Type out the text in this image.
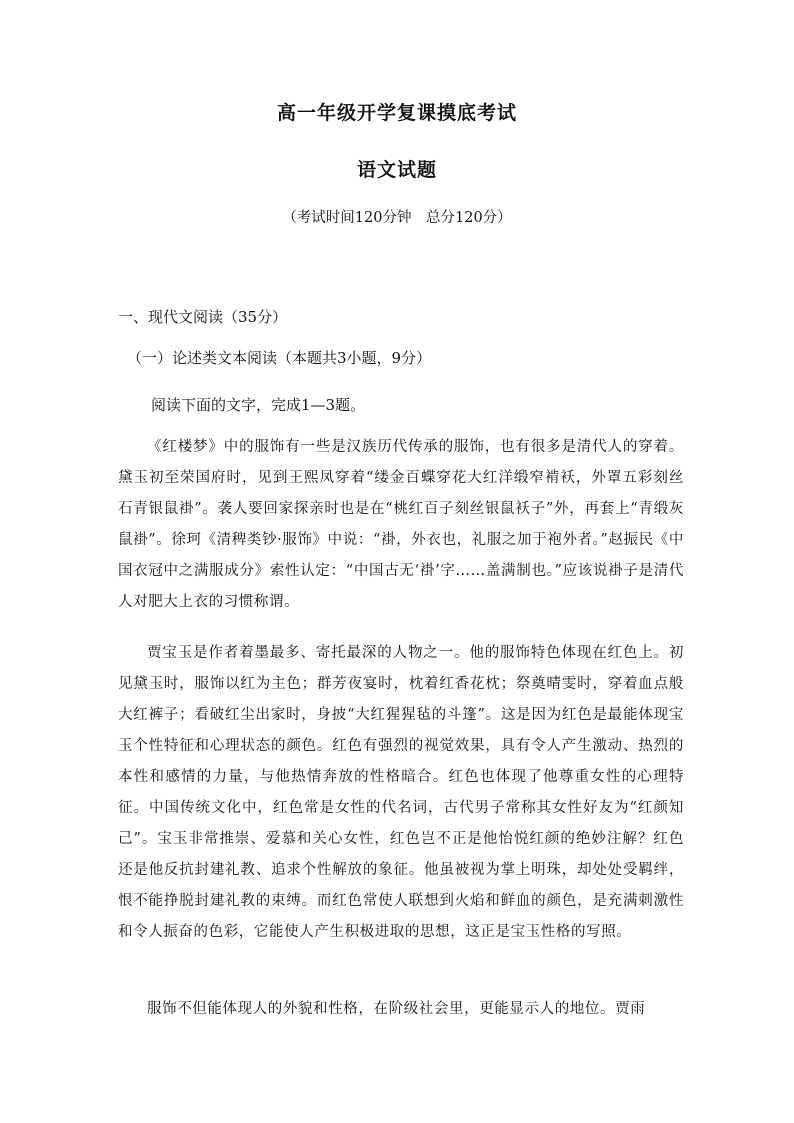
高一年级开学复课摸底考试
语文试题
（考试时间120分钟　总分120分）
一、现代文阅读（35分）
（一）论述类文本阅读（本题共3小题，9分）
阅读下面的文字，完成1—3题。

《红楼梦》中的服饰有一些是汉族历代传承的服饰，也有很多是清代人的穿着。黛玉初至荣国府时，见到王熙凤穿着“缕金百蝶穿花大红洋缎窄褃袄，外罩五彩刻丝石青银鼠褂”。袭人要回家探亲时也是在“桃红百子刻丝银鼠袄子”外，再套上“青缎灰鼠褂”。徐珂《清稗类钞·服饰》中说：“褂，外衣也，礼服之加于袍外者。”赵振民《中国衣冠中之满服成分》索性认定：“中国古无‘褂’字……盖满制也。”应该说褂子是清代人对肥大上衣的习惯称谓。

贾宝玉是作者着墨最多、寄托最深的人物之一。他的服饰特色体现在红色上。初见黛玉时，服饰以红为主色；群芳夜宴时，枕着红香花枕；祭奠晴雯时，穿着血点般大红裤子；看破红尘出家时，身披“大红猩猩毡的斗篷”。这是因为红色是最能体现宝玉个性特征和心理状态的颜色。红色有强烈的视觉效果，具有令人产生激动、热烈的本性和感情的力量，与他热情奔放的性格暗合。红色也体现了他尊重女性的心理特征。中国传统文化中，红色常是女性的代名词，古代男子常称其女性好友为“红颜知己”。宝玉非常推崇、爱慕和关心女性，红色岂不正是他怡悦红颜的绝妙注解？红色还是他反抗封建礼教、追求个性解放的象征。他虽被视为掌上明珠，却处处受羁绊，恨不能挣脱封建礼教的束缚。而红色常使人联想到火焰和鲜血的颜色，是充满刺激性和令人振奋的色彩，它能使人产生积极进取的思想，这正是宝玉性格的写照。

服饰不但能体现人的外貌和性格，在阶级社会里，更能显示人的地位。贾雨
